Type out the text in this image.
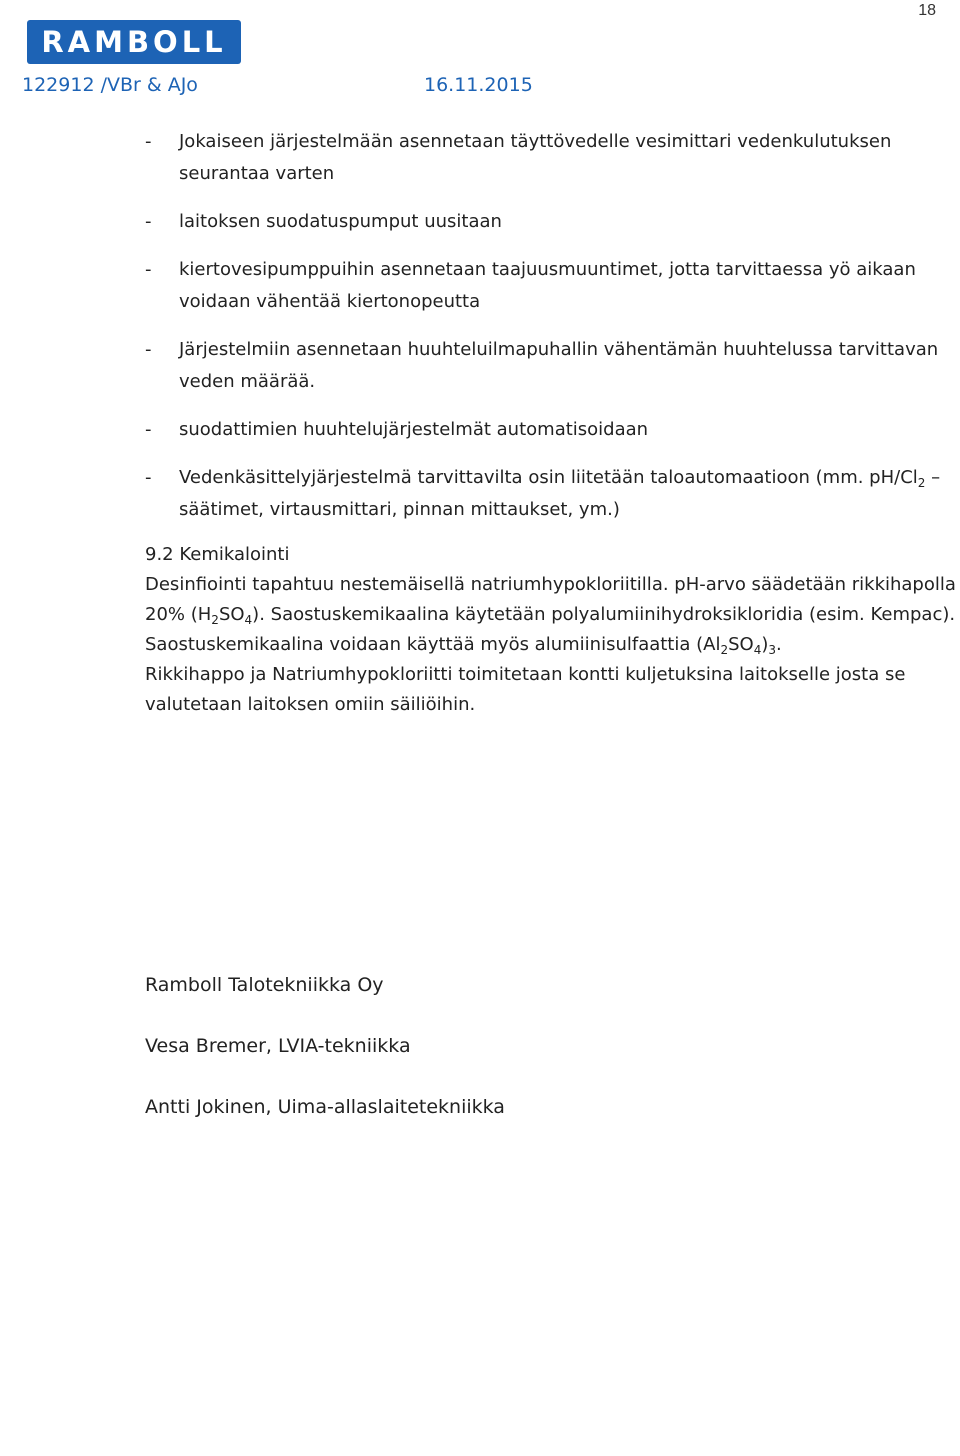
18
RAMBOLL
122912 /VBr & AJo	16.11.2015
- Jokaiseen järjestelmään asennetaan täyttövedelle vesimittari vedenkulutuksen seurantaa varten
- laitoksen suodatuspumput uusitaan
- kiertovesipumppuihin asennetaan taajuusmuuntimet, jotta tarvittaessa yö aikaan voidaan vähentää kiertonopeutta
- Järjestelmiin asennetaan huuhteluilmapuhallin vähentämän huuhtelussa tarvittavan veden määrää.
- suodattimien huuhtelujärjestelmät automatisoidaan
- Vedenkäsittelyjärjestelmä tarvittavilta osin liitetään taloautomaatioon (mm. $pH/Cl_2$ –säätimet, virtausmittari, pinnan mittaukset, ym.)

9.2 Kemikalointi

Desinfiointi tapahtuu nestemäisellä natriumhypokloriitilla. pH-arvo säädetään rikkihapolla 20% $(H_2SO_4)$. Saostuskemikaalina käytetään polyalumiinihydroksikloridia (esim. Kempac). Saostuskemikaalina voidaan käyttää myös alumiinisulfaattia $(Al_2SO_4)_3$.

Rikkihappo ja Natriumhypokloriitti toimitetaan kontti kuljetuksina laitokselle josta se valutetaan laitoksen omiin säiliöihin.

Ramboll Talotekniikka Oy
Vesa Bremer, LVIA-tekniikka
Antti Jokinen, Uima-allaslaitetekniikka
